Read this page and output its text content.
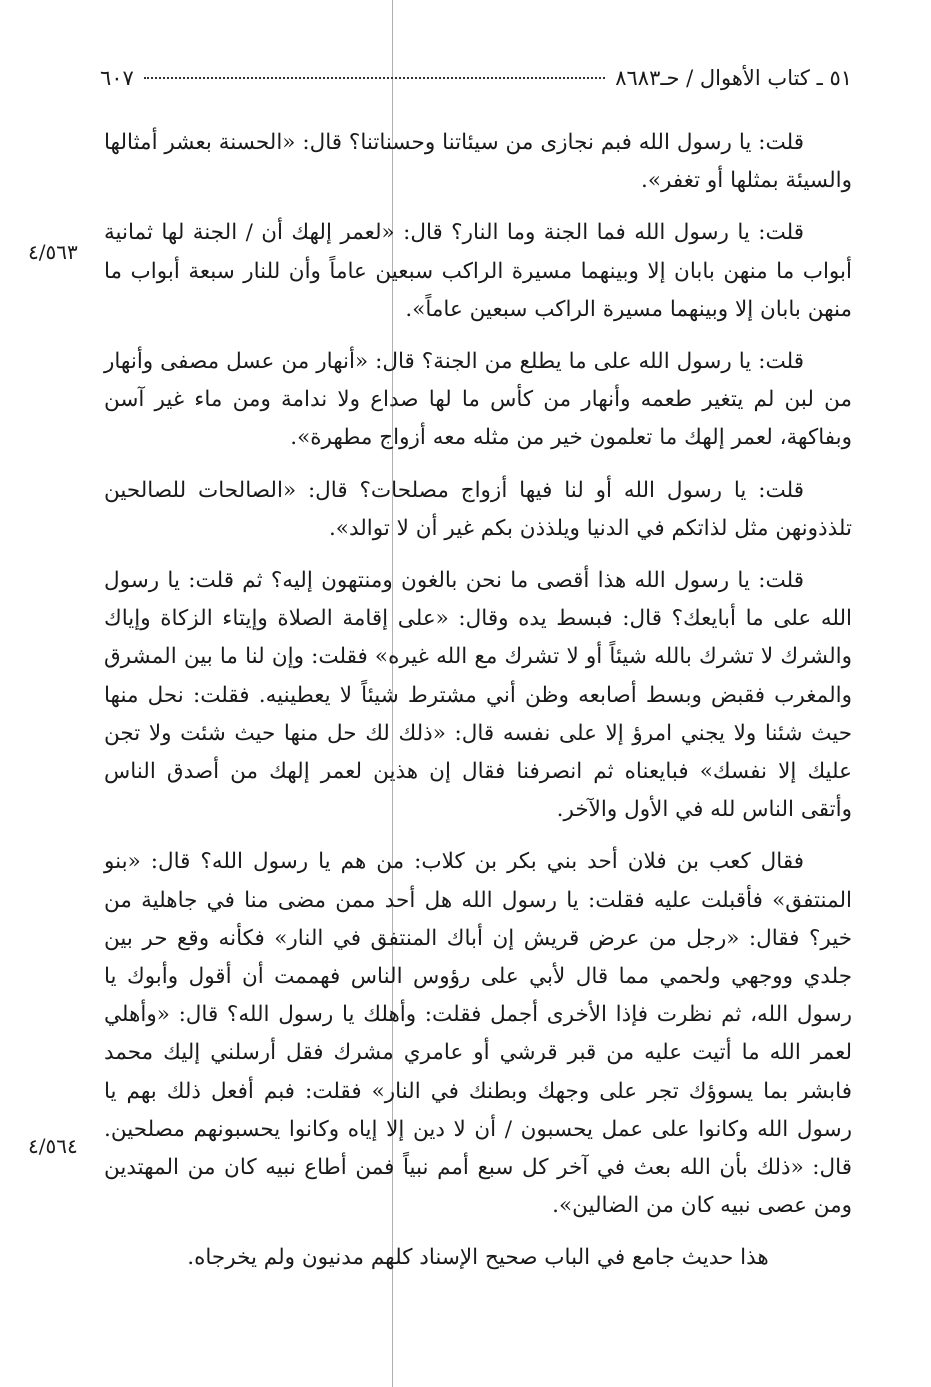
٥١ ـ كتاب الأهوال / حـ٨٦٨٣
٦٠٧
٤/٥٦٣
٤/٥٦٤

قلت: يا رسول الله فبم نجازى من سيئاتنا وحسناتنا؟ قال: «الحسنة بعشر أمثالها والسيئة بمثلها أو تغفر».

قلت: يا رسول الله فما الجنة وما النار؟ قال: «لعمر إلهك أن / الجنة لها ثمانية أبواب ما منهن بابان إلا وبينهما مسيرة الراكب سبعين عاماً وأن للنار سبعة أبواب ما منهن بابان إلا وبينهما مسيرة الراكب سبعين عاماً».

قلت: يا رسول الله على ما يطلع من الجنة؟ قال: «أنهار من عسل مصفى وأنهار من لبن لم يتغير طعمه وأنهار من كأس ما لها صداع ولا ندامة ومن ماء غير آسن وبفاكهة، لعمر إلهك ما تعلمون خير من مثله معه أزواج مطهرة».

قلت: يا رسول الله أو لنا فيها أزواج مصلحات؟ قال: «الصالحات للصالحين تلذذونهن مثل لذاتكم في الدنيا ويلذذن بكم غير أن لا توالد».

قلت: يا رسول الله هذا أقصى ما نحن بالغون ومنتهون إليه؟ ثم قلت: يا رسول الله على ما أبايعك؟ قال: فبسط يده وقال: «على إقامة الصلاة وإيتاء الزكاة وإياك والشرك لا تشرك بالله شيئاً أو لا تشرك مع الله غيره» فقلت: وإن لنا ما بين المشرق والمغرب فقبض وبسط أصابعه وظن أني مشترط شيئاً لا يعطينيه. فقلت: نحل منها حيث شئنا ولا يجني امرؤ إلا على نفسه قال: «ذلك لك حل منها حيث شئت ولا تجن عليك إلا نفسك» فبايعناه ثم انصرفنا فقال إن هذين لعمر إلهك من أصدق الناس وأتقى الناس لله في الأول والآخر.

فقال كعب بن فلان أحد بني بكر بن كلاب: من هم يا رسول الله؟ قال: «بنو المنتفق» فأقبلت عليه فقلت: يا رسول الله هل أحد ممن مضى منا في جاهلية من خير؟ فقال: «رجل من عرض قريش إن أباك المنتفق في النار» فكأنه وقع حر بين جلدي ووجهي ولحمي مما قال لأبي على رؤوس الناس فهممت أن أقول وأبوك يا رسول الله، ثم نظرت فإذا الأخرى أجمل فقلت: وأهلك يا رسول الله؟ قال: «وأهلي لعمر الله ما أتيت عليه من قبر قرشي أو عامري مشرك فقل أرسلني إليك محمد فابشر بما يسوؤك تجر على وجهك وبطنك في النار» فقلت: فبم أفعل ذلك بهم يا رسول الله وكانوا على عمل يحسبون / أن لا دين إلا إياه وكانوا يحسبونهم مصلحين. قال: «ذلك بأن الله بعث في آخر كل سبع أمم نبياً فمن أطاع نبيه كان من المهتدين ومن عصى نبيه كان من الضالين».

هذا حديث جامع في الباب صحيح الإسناد كلهم مدنيون ولم يخرجاه.
